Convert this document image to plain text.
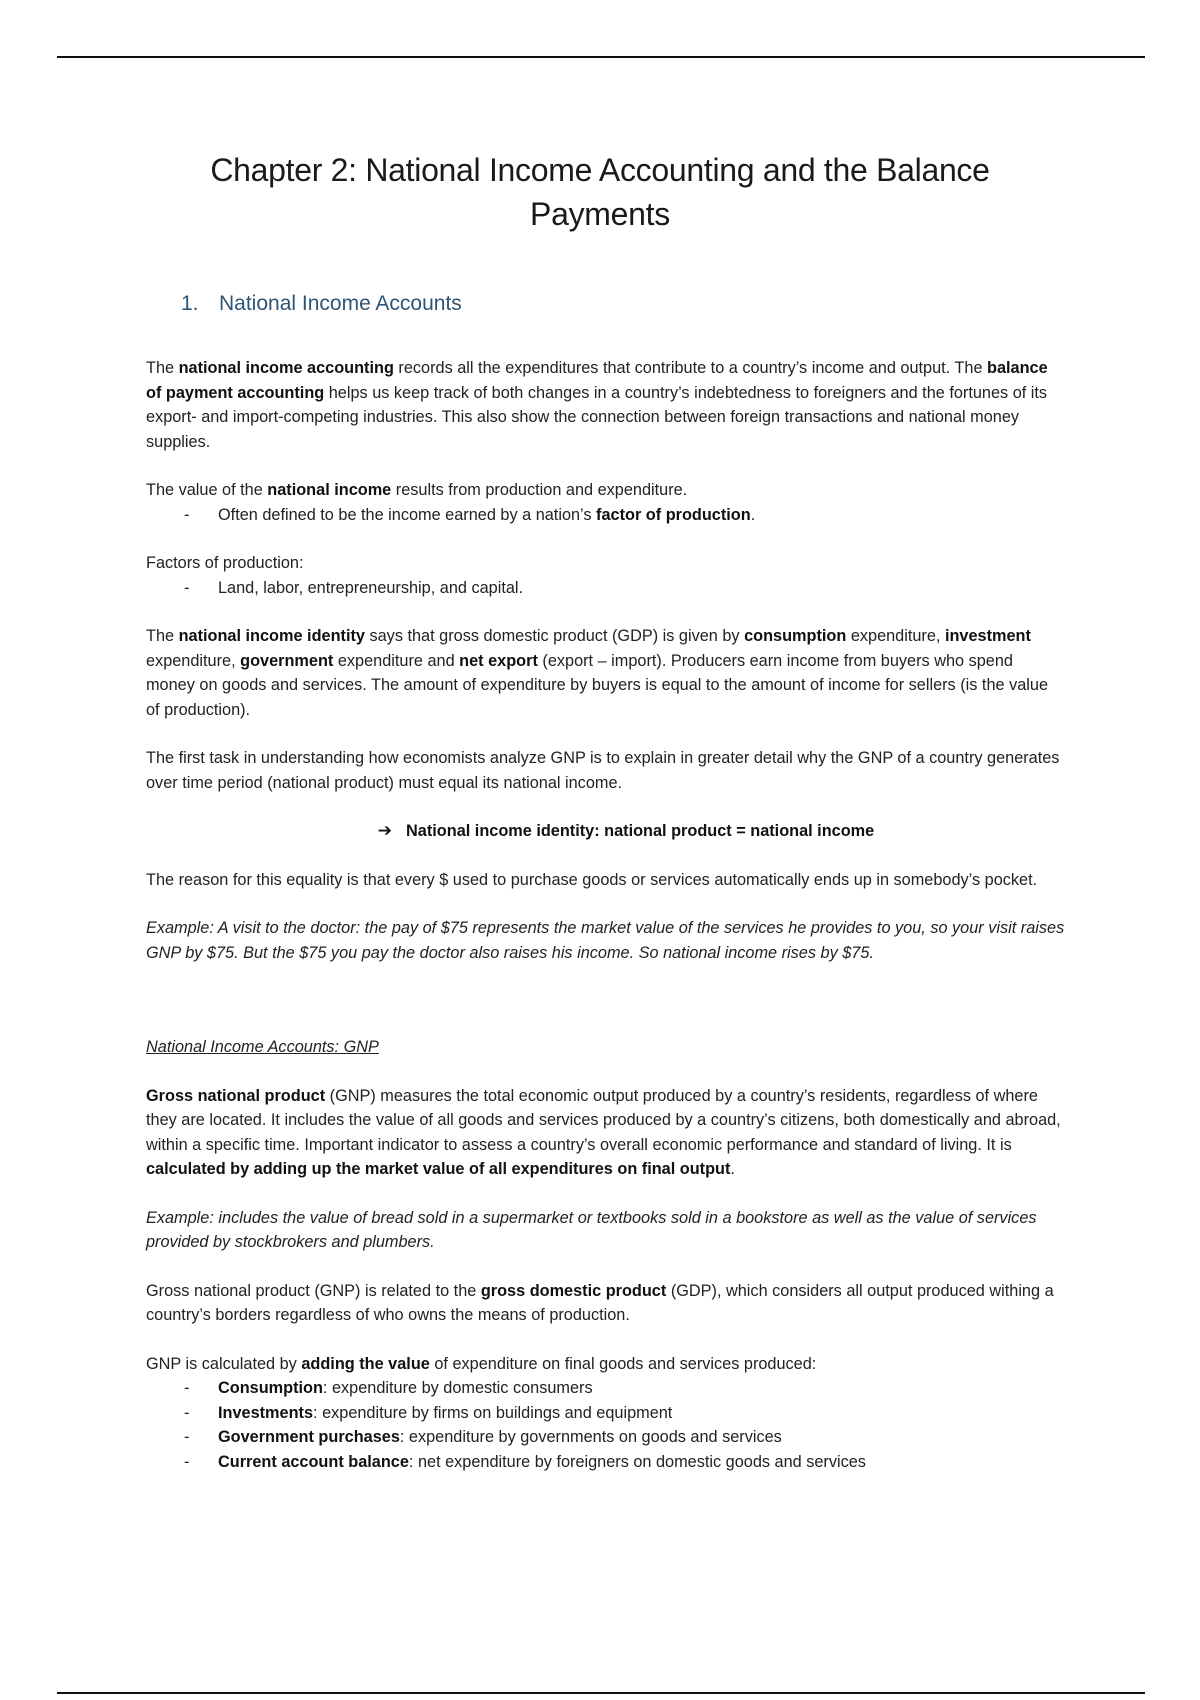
Chapter 2: National Income Accounting and the Balance
Payments
1. National Income Accounts

The national income accounting records all the expenditures that contribute to a country’s income and output. The balance of payment accounting helps us keep track of both changes in a country’s indebtedness to foreigners and the fortunes of its export- and import-competing industries. This also show the connection between foreign transactions and national money supplies.

The value of the national income results from production and expenditure.

- Often defined to be the income earned by a nation’s factor of production.

Factors of production:

- Land, labor, entrepreneurship, and capital.

The national income identity says that gross domestic product (GDP) is given by consumption expenditure, investment expenditure, government expenditure and net export (export – import). Producers earn income from buyers who spend money on goods and services. The amount of expenditure by buyers is equal to the amount of income for sellers (is the value of production).

The first task in understanding how economists analyze GNP is to explain in greater detail why the GNP of a country generates over time period (national product) must equal its national income.

➔ National income identity: national product = national income

The reason for this equality is that every $ used to purchase goods or services automatically ends up in somebody’s pocket.

Example: A visit to the doctor: the pay of $75 represents the market value of the services he provides to you, so your visit raises GNP by $75. But the $75 you pay the doctor also raises his income. So national income rises by $75.

National Income Accounts: GNP

Gross national product (GNP) measures the total economic output produced by a country’s residents, regardless of where they are located. It includes the value of all goods and services produced by a country’s citizens, both domestically and abroad, within a specific time. Important indicator to assess a country’s overall economic performance and standard of living. It is calculated by adding up the market value of all expenditures on final output.

Example: includes the value of bread sold in a supermarket or textbooks sold in a bookstore as well as the value of services provided by stockbrokers and plumbers.

Gross national product (GNP) is related to the gross domestic product (GDP), which considers all output produced withing a country’s borders regardless of who owns the means of production.

GNP is calculated by adding the value of expenditure on final goods and services produced:

- Consumption: expenditure by domestic consumers
- Investments: expenditure by firms on buildings and equipment
- Government purchases: expenditure by governments on goods and services
- Current account balance: net expenditure by foreigners on domestic goods and services
